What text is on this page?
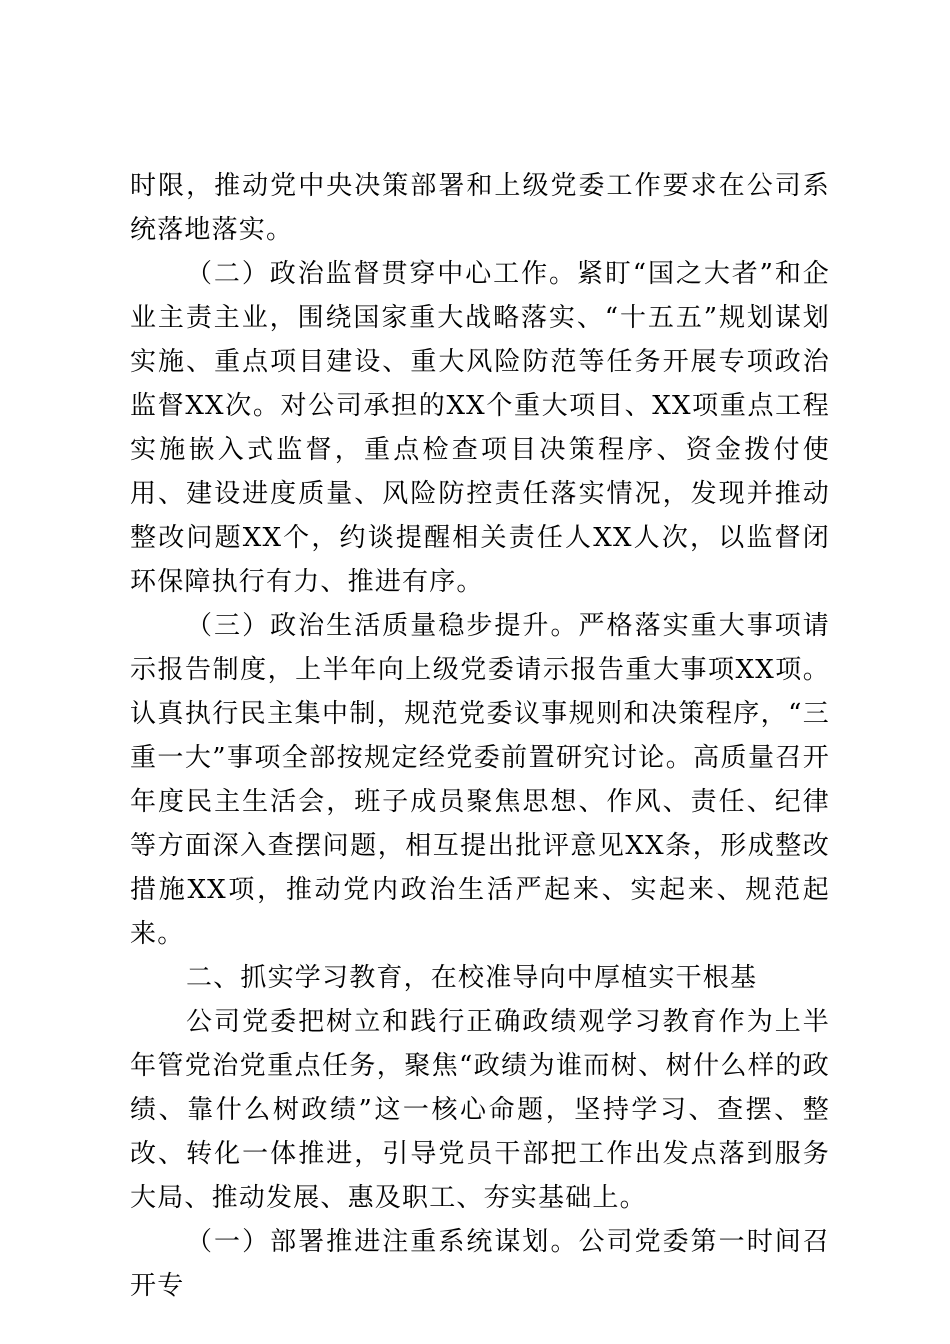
时限，推动党中央决策部署和上级党委工作要求在公司系统落地落实。

（二）政治监督贯穿中心工作。紧盯“国之大者”和企业主责主业，围绕国家重大战略落实、“十五五”规划谋划实施、重点项目建设、重大风险防范等任务开展专项政治监督XX次。对公司承担的XX个重大项目、XX项重点工程实施嵌入式监督，重点检查项目决策程序、资金拨付使用、建设进度质量、风险防控责任落实情况，发现并推动整改问题XX个，约谈提醒相关责任人XX人次，以监督闭环保障执行有力、推进有序。

（三）政治生活质量稳步提升。严格落实重大事项请示报告制度，上半年向上级党委请示报告重大事项XX项。认真执行民主集中制，规范党委议事规则和决策程序，“三重一大”事项全部按规定经党委前置研究讨论。高质量召开年度民主生活会，班子成员聚焦思想、作风、责任、纪律等方面深入查摆问题，相互提出批评意见XX条，形成整改措施XX项，推动党内政治生活严起来、实起来、规范起来。

二、抓实学习教育，在校准导向中厚植实干根基

公司党委把树立和践行正确政绩观学习教育作为上半年管党治党重点任务，聚焦“政绩为谁而树、树什么样的政绩、靠什么树政绩”这一核心命题，坚持学习、查摆、整改、转化一体推进，引导党员干部把工作出发点落到服务大局、推动发展、惠及职工、夯实基础上。

（一）部署推进注重系统谋划。公司党委第一时间召开专
